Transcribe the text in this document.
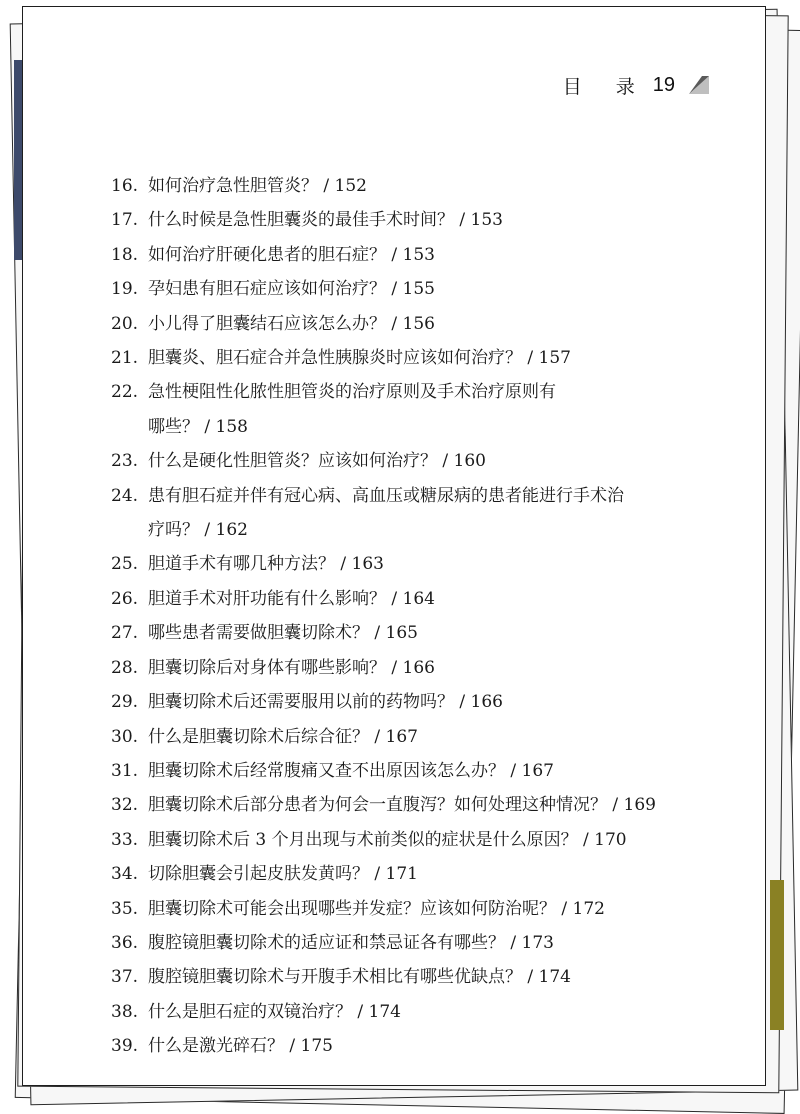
目 录 19
16. 如何治疗急性胆管炎？ / 152
17. 什么时候是急性胆囊炎的最佳手术时间？ / 153
18. 如何治疗肝硬化患者的胆石症？ / 153
19. 孕妇患有胆石症应该如何治疗？ / 155
20. 小儿得了胆囊结石应该怎么办？ / 156
21. 胆囊炎、胆石症合并急性胰腺炎时应该如何治疗？ / 157
22. 急性梗阻性化脓性胆管炎的治疗原则及手术治疗原则有
哪些？ / 158
23. 什么是硬化性胆管炎？应该如何治疗？ / 160
24. 患有胆石症并伴有冠心病、高血压或糖尿病的患者能进行手术治
疗吗？ / 162
25. 胆道手术有哪几种方法？ / 163
26. 胆道手术对肝功能有什么影响？ / 164
27. 哪些患者需要做胆囊切除术？ / 165
28. 胆囊切除后对身体有哪些影响？ / 166
29. 胆囊切除术后还需要服用以前的药物吗？ / 166
30. 什么是胆囊切除术后综合征？ / 167
31. 胆囊切除术后经常腹痛又查不出原因该怎么办？ / 167
32. 胆囊切除术后部分患者为何会一直腹泻？如何处理这种情况？ / 169
33. 胆囊切除术后 3 个月出现与术前类似的症状是什么原因？ / 170
34. 切除胆囊会引起皮肤发黄吗？ / 171
35. 胆囊切除术可能会出现哪些并发症？应该如何防治呢？ / 172
36. 腹腔镜胆囊切除术的适应证和禁忌证各有哪些？ / 173
37. 腹腔镜胆囊切除术与开腹手术相比有哪些优缺点？ / 174
38. 什么是胆石症的双镜治疗？ / 174
39. 什么是激光碎石？ / 175
